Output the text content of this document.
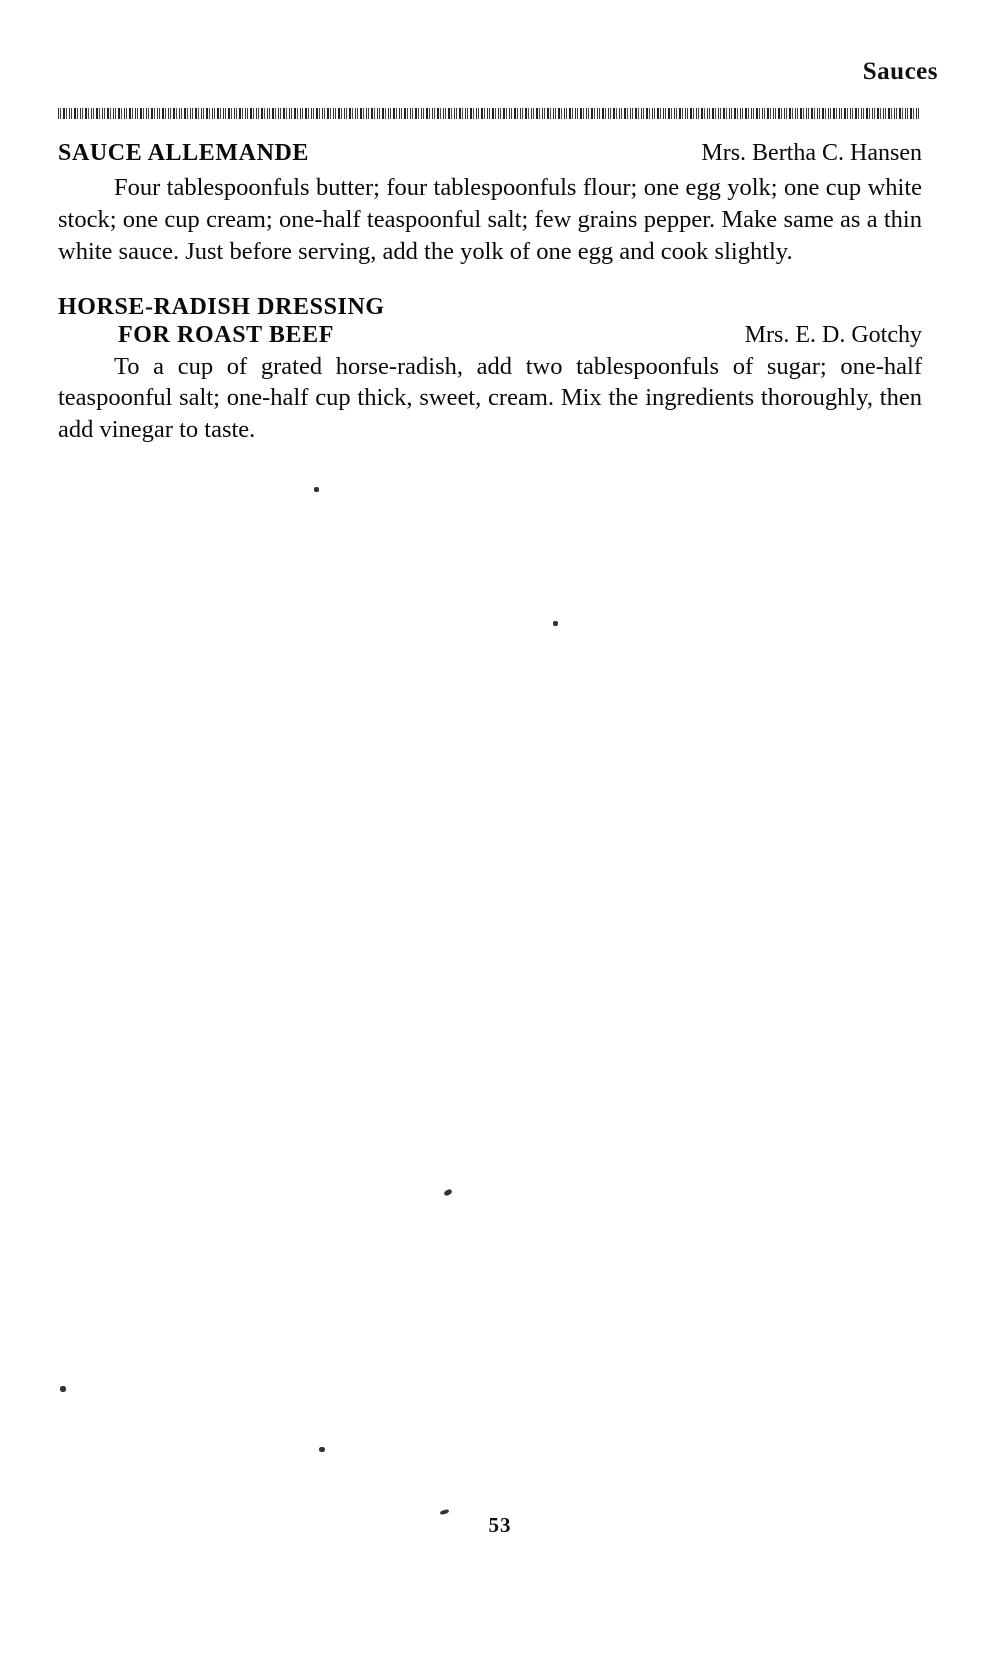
Sauces
SAUCE ALLEMANDE	Mrs. Bertha C. Hansen

Four tablespoonfuls butter; four tablespoonfuls flour; one egg yolk; one cup white stock; one cup cream; one-half teaspoonful salt; few grains pepper. Make same as a thin white sauce. Just before serving, add the yolk of one egg and cook slightly.

HORSE-RADISH DRESSING
FOR ROAST BEEF	Mrs. E. D. Gotchy

To a cup of grated horse-radish, add two tablespoonfuls of sugar; one-half teaspoonful salt; one-half cup thick, sweet, cream. Mix the ingredients thoroughly, then add vinegar to taste.

53
